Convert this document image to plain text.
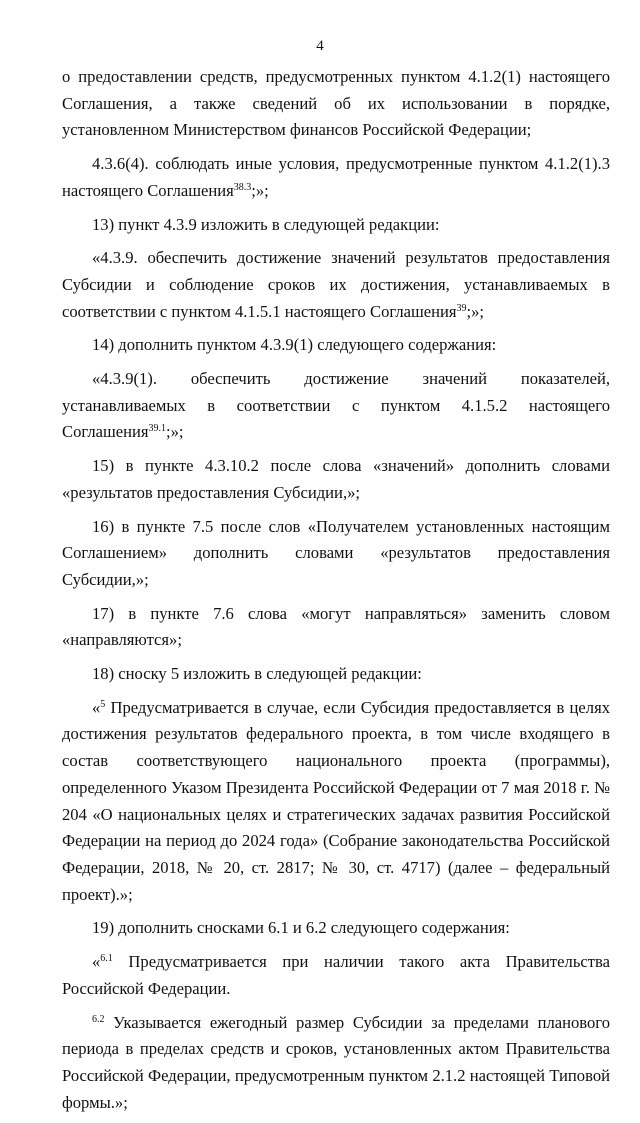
4

о предоставлении средств, предусмотренных пунктом 4.1.2(1) настоящего Соглашения, а также сведений об их использовании в порядке, установленном Министерством финансов Российской Федерации;

4.3.6(4). соблюдать иные условия, предусмотренные пунктом 4.1.2(1).3 настоящего Соглашения$^{38.3}$;»;

13) пункт 4.3.9 изложить в следующей редакции:

«4.3.9. обеспечить достижение значений результатов предоставления Субсидии и соблюдение сроков их достижения, устанавливаемых в соответствии с пунктом 4.1.5.1 настоящего Соглашения$^{39}$;»;

14) дополнить пунктом 4.3.9(1) следующего содержания:

«4.3.9(1). обеспечить достижение значений показателей, устанавливаемых в соответствии с пунктом 4.1.5.2 настоящего Соглашения$^{39.1}$;»;

15) в пункте 4.3.10.2 после слова «значений» дополнить словами «результатов предоставления Субсидии,»;

16) в пункте 7.5 после слов «Получателем установленных настоящим Соглашением» дополнить словами «результатов предоставления Субсидии,»;

17) в пункте 7.6 слова «могут направляться» заменить словом «направляются»;

18) сноску 5 изложить в следующей редакции:

«$^5$ Предусматривается в случае, если Субсидия предоставляется в целях достижения результатов федерального проекта, в том числе входящего в состав соответствующего национального проекта (программы), определенного Указом Президента Российской Федерации от 7 мая 2018 г. № 204 «О национальных целях и стратегических задачах развития Российской Федерации на период до 2024 года» (Собрание законодательства Российской Федерации, 2018, № 20, ст. 2817; № 30, ст. 4717) (далее – федеральный проект).»;

19) дополнить сносками 6.1 и 6.2 следующего содержания:

«$^{6.1}$ Предусматривается при наличии такого акта Правительства Российской Федерации.

$^{6.2}$ Указывается ежегодный размер Субсидии за пределами планового периода в пределах средств и сроков, установленных актом Правительства Российской Федерации, предусмотренным пунктом 2.1.2 настоящей Типовой формы.»;
